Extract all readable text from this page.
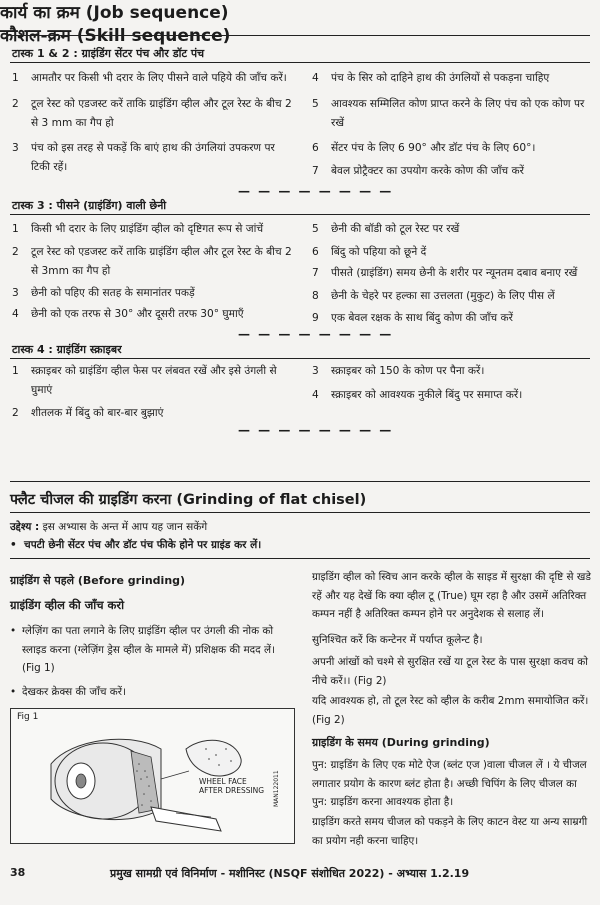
कार्य का क्रम (Job sequence)
टास्क 1 & 2 : ग्राइंडिंग सेंटर पंच और डॉट पंच
1	आमतौर पर किसी भी दरार के लिए पीसने वाले पहिये की जाँच करें।
2	टूल रेस्ट को एडजस्ट करें ताकि ग्राइंडिंग व्हील और टूल रेस्ट के बीच 2 से 3 mm का गैप हो
3	पंच को इस तरह से पकड़ें कि बाएं हाथ की उंगलियां उपकरण पर टिकी रहें।
4	पंच के सिर को दाहिने हाथ की उंगलियों से पकड़ना चाहिए
5	आवश्यक सम्मिलित कोण प्राप्त करने के लिए पंच को एक कोण पर रखें
6	सेंटर पंच के लिए 6 90° और डॉट पंच के लिए 60°।
7	बेवल प्रोट्रैक्टर का उपयोग करके कोण की जाँच करें
— — — — — — — —
टास्क 3 : पीसने (ग्राइंडिंग) वाली छेनी
1	किसी भी दरार के लिए ग्राइंडिंग व्हील को दृष्टिगत रूप से जांचें
2	टूल रेस्ट को एडजस्ट करें ताकि ग्राइंडिंग व्हील और टूल रेस्ट के बीच 2 से 3mm का गैप हो
3	छेनी को पहिए की सतह के समानांतर पकड़ें
4	छेनी को एक तरफ से 30° और दूसरी तरफ 30° घुमाएँ
5	छेनी की बॉडी को टूल रेस्ट पर रखें
6	बिंदु को पहिया को छूने दें
7	पीसते (ग्राइंडिंग) समय छेनी के शरीर पर न्यूनतम दबाव बनाए रखें
8	छेनी के चेहरे पर हल्का सा उत्तलता (मुकुट) के लिए पीस लें
9	एक बेवल रक्षक के साथ बिंदु कोण की जाँच करें
— — — — — — — —
टास्क 4 : ग्राइंडिंग स्क्राइबर
1	स्क्राइबर को ग्राइंडिंग व्हील फेस पर लंबवत रखें और इसे उंगली से घुमाएं
2	शीतलक में बिंदु को बार-बार बुझाएं
3	स्क्राइबर को 150 के कोण पर पैना करें।
4	स्क्राइबर को आवश्यक नुकीले बिंदु पर समाप्त करें।
— — — — — — — —
कौशल-क्रम (Skill sequence)
फ्लैट चीजल की ग्राइडिंग करना (Grinding of flat chisel)
उद्देश्य : इस अभ्यास के अन्त में आप यह जान सकेंगे
•  चपटी छेनी सेंटर पंच और डॉट पंच फीके होने पर ग्राइंड कर लें।
ग्राइंडिंग से पहले (Before grinding)
ग्राइंडिंग व्हील की जाँच करो
• ग्लेज़िंग का पता लगाने के लिए ग्राइंडिंग व्हील पर उंगली की नोक को स्लाइड करना (ग्लेज़िंग ड्रेस व्हील के मामले में) प्रशिक्षक की मदद लें। (Fig 1)
• देखकर क्रेक्स की जाँच करें।
Fig 1
WHEEL FACE
AFTER DRESSING MAN122011
ग्राइडिंग व्हील को स्विच आन करके व्हील के साइड में सुरक्षा की दृष्टि से खडे रहें और यह देखें कि क्या व्हील टू (True) घूम रहा है और उसमें अतिरिक्त कम्पन नहीं है अतिरिक्त कम्पन होने पर अनुदेशक से सलाह लें।
सुनिश्चित करें कि कन्टेनर में पर्याप्त कूलेन्ट है।
अपनी आंखों को चश्मे से सुरक्षित रखें या टूल रेस्ट के पास सुरक्षा कवच को नीचे करें।। (Fig 2)
यदि आवश्यक हो, तो टूल रेस्ट को व्हील के करीब 2mm समायोजित करें। (Fig 2)
ग्राइडिंग के समय (During grinding)
पुन: ग्राइडिंग के लिए एक मोटे ऐज (ब्लंट एज )वाला चीजल लें । ये चीजल लगातार प्रयोग के कारण ब्लंट होता है। अच्छी चिपिंग के लिए चीजल का पुन: ग्राइडिंग करना आवश्यक होता है।
ग्राइडिंग करते समय चीजल को पकड़ने के लिए काटन वेस्ट या अन्य साम्रगी का प्रयोग नही करना चाहिए।
38	प्रमुख सामग्री एवं विनिर्माण - मशीनिस्ट (NSQF संशोधित 2022) - अभ्यास 1.2.19
